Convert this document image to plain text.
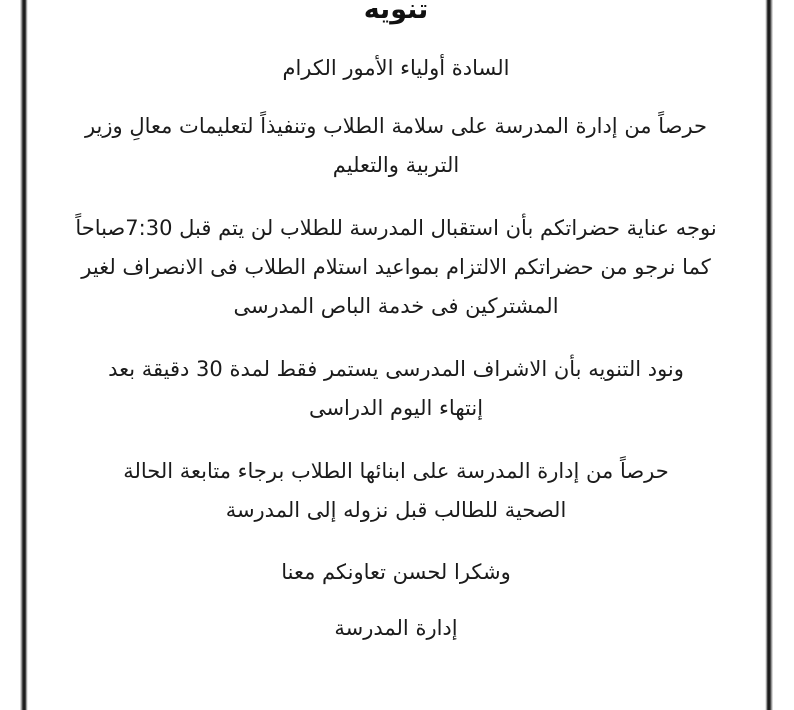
تنويه

السادة أولياء الأمور الكرام

حرصاً من إدارة المدرسة على سلامة الطلاب وتنفيذاً لتعليمات معالِ وزير التربية والتعليم

نوجه عناية حضراتكم بأن استقبال المدرسة للطلاب لن يتم قبل 7:30صباحاً كما نرجو من حضراتكم الالتزام بمواعيد استلام الطلاب فى الانصراف لغير المشتركين فى خدمة الباص المدرسى

ونود التنويه بأن الاشراف المدرسى يستمر فقط لمدة 30 دقيقة بعد إنتهاء اليوم الدراسى

حرصاً من إدارة المدرسة على ابنائها الطلاب برجاء متابعة الحالة الصحية للطالب قبل نزوله إلى المدرسة

وشكرا لحسن تعاونكم معنا

إدارة المدرسة
